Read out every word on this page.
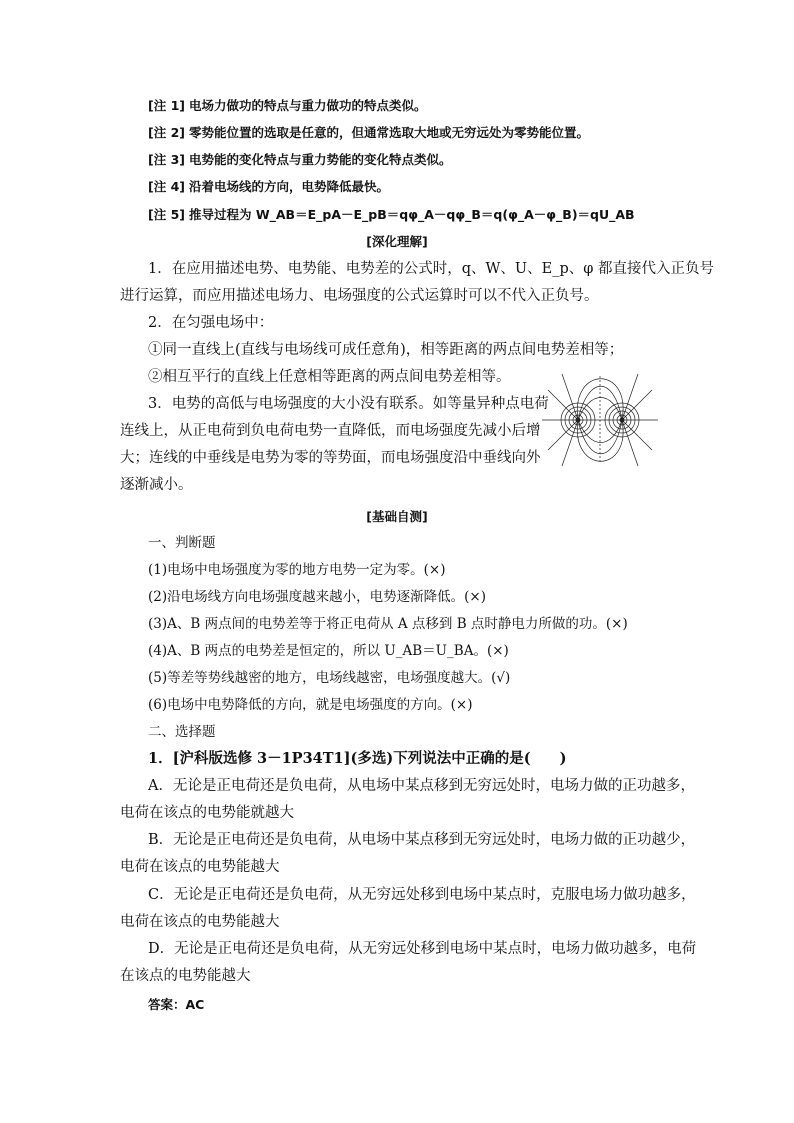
[注 1] 电场力做功的特点与重力做功的特点类似。
[注 2] 零势能位置的选取是任意的，但通常选取大地或无穷远处为零势能位置。
[注 3] 电势能的变化特点与重力势能的变化特点类似。
[注 4] 沿着电场线的方向，电势降低最快。
[注 5] 推导过程为 W_AB＝E_pA－E_pB＝qφ_A－qφ_B＝q(φ_A－φ_B)＝qU_AB
[深化理解]
1．在应用描述电势、电势能、电势差的公式时，q、W、U、E_p、φ 都直接代入正负号
进行运算，而应用描述电场力、电场强度的公式运算时可以不代入正负号。
2．在匀强电场中：
①同一直线上(直线与电场线可成任意角)，相等距离的两点间电势差相等；
②相互平行的直线上任意相等距离的两点间电势差相等。
3．电势的高低与电场强度的大小没有联系。如等量异种点电荷
连线上，从正电荷到负电荷电势一直降低，而电场强度先减小后增
大；连线的中垂线是电势为零的等势面，而电场强度沿中垂线向外
逐渐减小。
[基础自测]
一、判断题
(1)电场中电场强度为零的地方电势一定为零。(×)
(2)沿电场线方向电场强度越来越小，电势逐渐降低。(×)
(3)A、B 两点间的电势差等于将正电荷从 A 点移到 B 点时静电力所做的功。(×)
(4)A、B 两点的电势差是恒定的，所以 U_AB＝U_BA。(×)
(5)等差等势线越密的地方，电场线越密，电场强度越大。(√)
(6)电场中电势降低的方向，就是电场强度的方向。(×)
二、选择题
1．[沪科版选修 3－1P34T1](多选)下列说法中正确的是(　　)
A．无论是正电荷还是负电荷，从电场中某点移到无穷远处时，电场力做的正功越多，
电荷在该点的电势能就越大
B．无论是正电荷还是负电荷，从电场中某点移到无穷远处时，电场力做的正功越少，
电荷在该点的电势能越大
C．无论是正电荷还是负电荷，从无穷远处移到电场中某点时，克服电场力做功越多，
电荷在该点的电势能越大
D．无论是正电荷还是负电荷，从无穷远处移到电场中某点时，电场力做功越多，电荷
在该点的电势能越大
答案：AC
